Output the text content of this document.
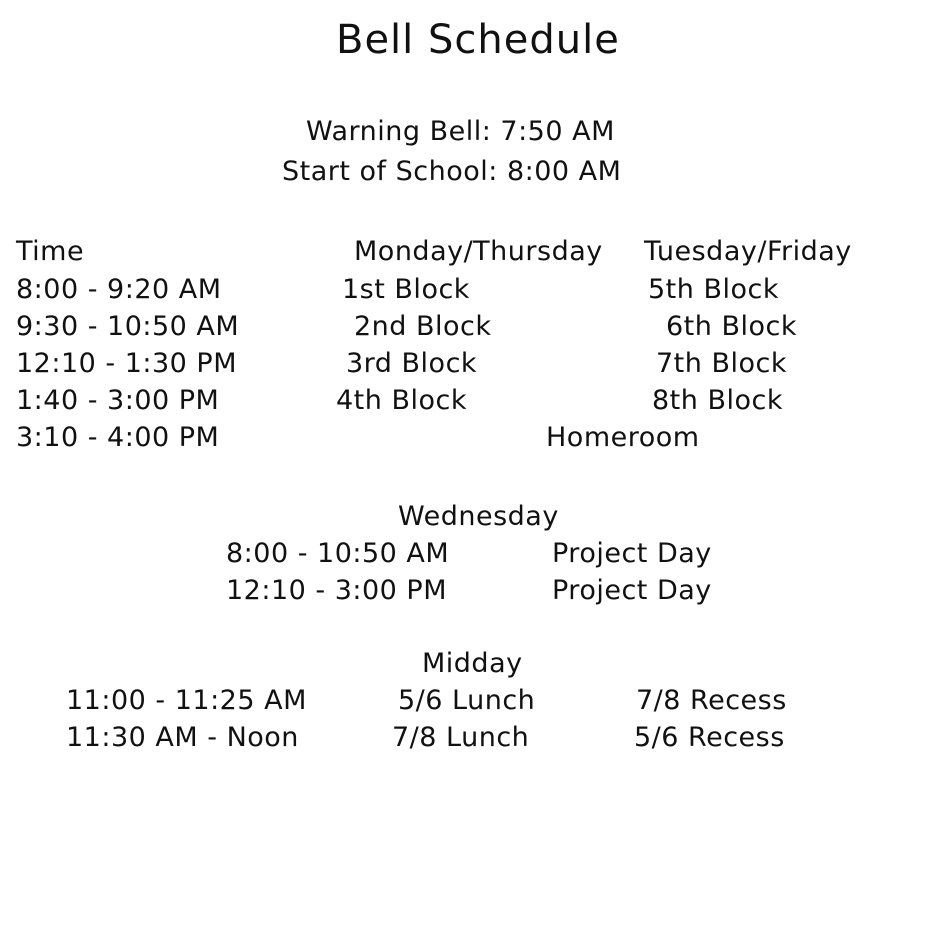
Bell Schedule
Warning Bell: 7:50 AM
Start of School: 8:00 AM
Time	Monday/Thursday Tuesday/Friday
8:00 - 9:20 AM	1st Block	5th Block
9:30 - 10:50 AM	2nd Block	6th Block
12:10 - 1:30 PM	3rd Block	7th Block
1:40 - 3:00 PM	4th Block	8th Block
3:10 - 4:00 PM	Homeroom
Wednesday
8:00 - 10:50 AM	Project Day
12:10 - 3:00 PM	Project Day
Midday
11:00 - 11:25 AM	5/6 Lunch	7/8 Recess
11:30 AM - Noon	7/8 Lunch	5/6 Recess
